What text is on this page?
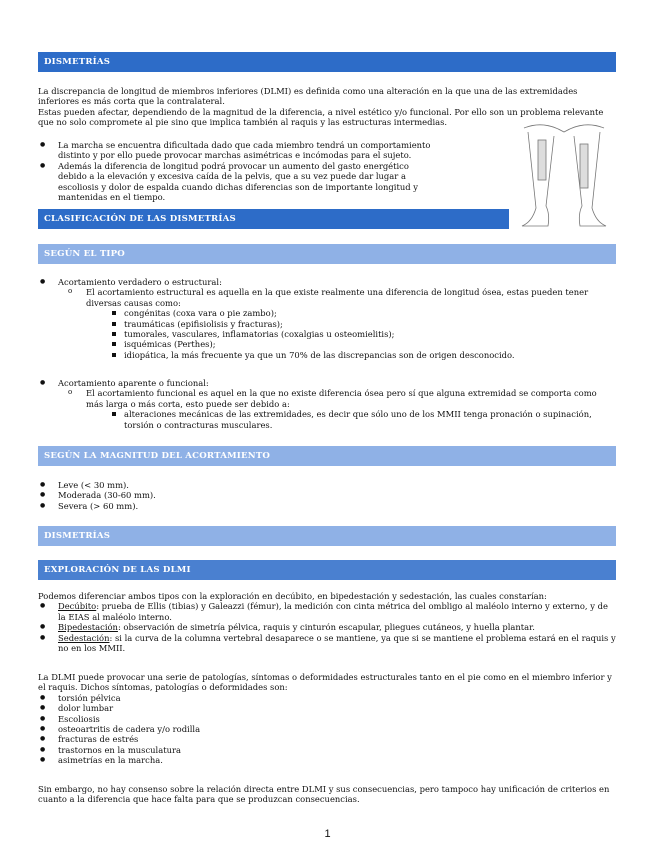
DISMETRÍAS

La discrepancia de longitud de miembros inferiores (DLMI) es definida como una alteración en la que una de las extremidades inferiores es más corta que la contralateral.

Estas pueden afectar, dependiendo de la magnitud de la diferencia, a nivel estético y/o funcional. Por ello son un problema relevante que no solo compromete al pie sino que implica también al raquis y las estructuras intermedias.

● La marcha se encuentra dificultada dado que cada miembro tendrá un comportamiento distinto y por ello puede provocar marchas asimétricas e incómodas para el sujeto.
● Además la diferencia de longitud podrá provocar un aumento del gasto energético debido a la elevación y excesiva caída de la pelvis, que a su vez puede dar lugar a escoliosis y dolor de espalda cuando dichas diferencias son de importante longitud y mantenidas en el tiempo.
CLASIFICACIÓN DE LAS DISMETRÍAS
SEGÚN EL TIPO
● Acortamiento verdadero o estructural:
o El acortamiento estructural es aquella en la que existe realmente una diferencia de longitud ósea, estas pueden tener diversas causas como:
congénitas (coxa vara o pie zambo);
traumáticas (epifisiolisis y fracturas);
tumorales, vasculares, inflamatorias (coxalgias u osteomielitis);
isquémicas (Perthes);
idiopática, la más frecuente ya que un 70% de las discrepancias son de origen desconocido.
● Acortamiento aparente o funcional:
o El acortamiento funcional es aquel en la que no existe diferencia ósea pero sí que alguna extremidad se comporta como más larga o más corta, esto puede ser debido a:
alteraciones mecánicas de las extremidades, es decir que sólo uno de los MMII tenga pronación o supinación, torsión o contracturas musculares.
SEGÚN LA MAGNITUD DEL ACORTAMIENTO
● Leve (< 30 mm).
● Moderada (30-60 mm).
● Severa (> 60 mm).
DISMETRÍAS
EXPLORACIÓN DE LAS DLMI

Podemos diferenciar ambos tipos con la exploración en decúbito, en bipedestación y sedestación, las cuales constarían:

● Decúbito: prueba de Ellis (tibias) y Galeazzi (fémur), la medición con cinta métrica del ombligo al maléolo interno y externo, y de la EIAS al maléolo interno.
● Bipedestación: observación de simetría pélvica, raquis y cinturón escapular, pliegues cutáneos, y huella plantar.
● Sedestación: si la curva de la columna vertebral desaparece o se mantiene, ya que si se mantiene el problema estará en el raquis y no en los MMII.

La DLMI puede provocar una serie de patologías, síntomas o deformidades estructurales tanto en el pie como en el miembro inferior y el raquis. Dichos síntomas, patologías o deformidades son:

● torsión pélvica
● dolor lumbar
● Escoliosis
● osteoartritis de cadera y/o rodilla
● fracturas de estrés
● trastornos en la musculatura
● asimetrías en la marcha.

Sin embargo, no hay consenso sobre la relación directa entre DLMI y sus consecuencias, pero tampoco hay unificación de criterios en cuanto a la diferencia que hace falta para que se produzcan consecuencias.

1
